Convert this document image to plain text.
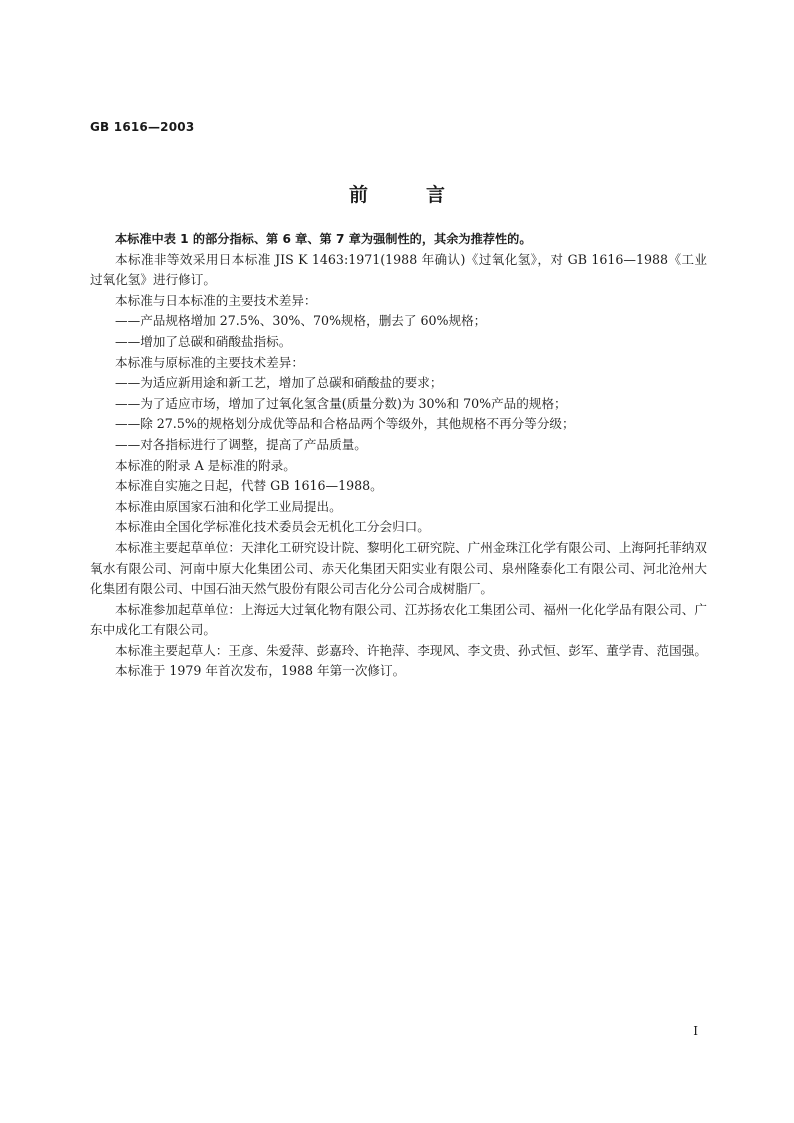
GB 1616—2003
前言

本标准中表 1 的部分指标、第 6 章、第 7 章为强制性的，其余为推荐性的。

本标准非等效采用日本标准 JIS K 1463:1971(1988 年确认)《过氧化氢》，对 GB 1616—1988《工业过氧化氢》进行修订。

本标准与日本标准的主要技术差异：

——产品规格增加 27.5%、30%、70%规格，删去了 60%规格；

——增加了总碳和硝酸盐指标。

本标准与原标准的主要技术差异：

——为适应新用途和新工艺，增加了总碳和硝酸盐的要求；

——为了适应市场，增加了过氧化氢含量(质量分数)为 30%和 70%产品的规格；

——除 27.5%的规格划分成优等品和合格品两个等级外，其他规格不再分等分级；

——对各指标进行了调整，提高了产品质量。

本标准的附录 A 是标准的附录。

本标准自实施之日起，代替 GB 1616—1988。

本标准由原国家石油和化学工业局提出。

本标准由全国化学标准化技术委员会无机化工分会归口。

本标准主要起草单位：天津化工研究设计院、黎明化工研究院、广州金珠江化学有限公司、上海阿托菲纳双氧水有限公司、河南中原大化集团公司、赤天化集团天阳实业有限公司、泉州隆泰化工有限公司、河北沧州大化集团有限公司、中国石油天然气股份有限公司吉化分公司合成树脂厂。

本标准参加起草单位：上海远大过氧化物有限公司、江苏扬农化工集团公司、福州一化化学品有限公司、广东中成化工有限公司。

本标准主要起草人：王彦、朱爱萍、彭嘉玲、许艳萍、李现风、李文贵、孙式恒、彭军、董学青、范国强。

本标准于 1979 年首次发布，1988 年第一次修订。

I
